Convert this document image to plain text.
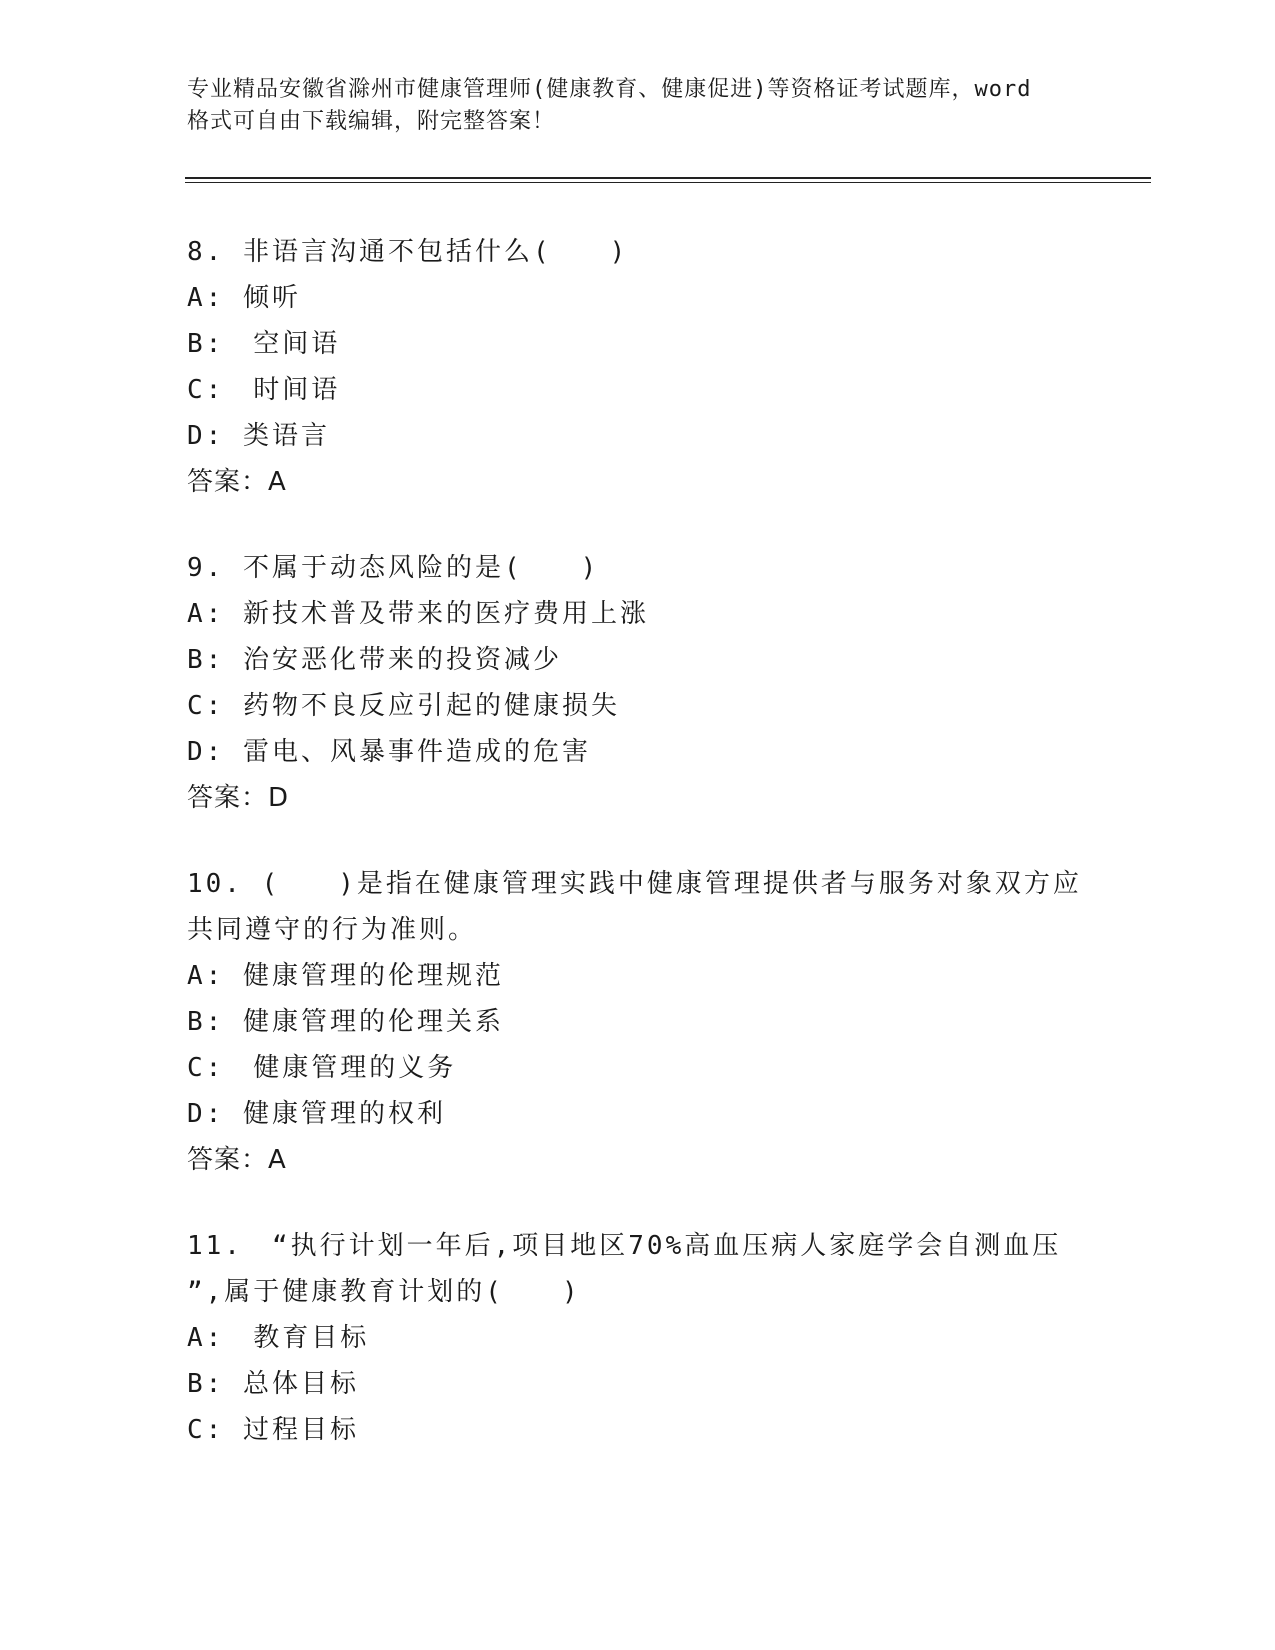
专业精品安徽省滁州市健康管理师(健康教育、健康促进)等资格证考试题库，word
格式可自由下载编辑，附完整答案！
8. 非语言沟通不包括什么(　　)
A: 倾听
B:　空间语
C:　时间语
D: 类语言
答案：A
9. 不属于动态风险的是(　　)
A: 新技术普及带来的医疗费用上涨
B: 治安恶化带来的投资减少
C: 药物不良反应引起的健康损失
D: 雷电、风暴事件造成的危害
答案：D
10. (　　)是指在健康管理实践中健康管理提供者与服务对象双方应
共同遵守的行为准则。
A: 健康管理的伦理规范
B: 健康管理的伦理关系
C:　健康管理的义务
D: 健康管理的权利
答案：A
11.　“执行计划一年后,项目地区70%高血压病人家庭学会自测血压
”,属于健康教育计划的(　　)
A:　教育目标
B: 总体目标
C: 过程目标
